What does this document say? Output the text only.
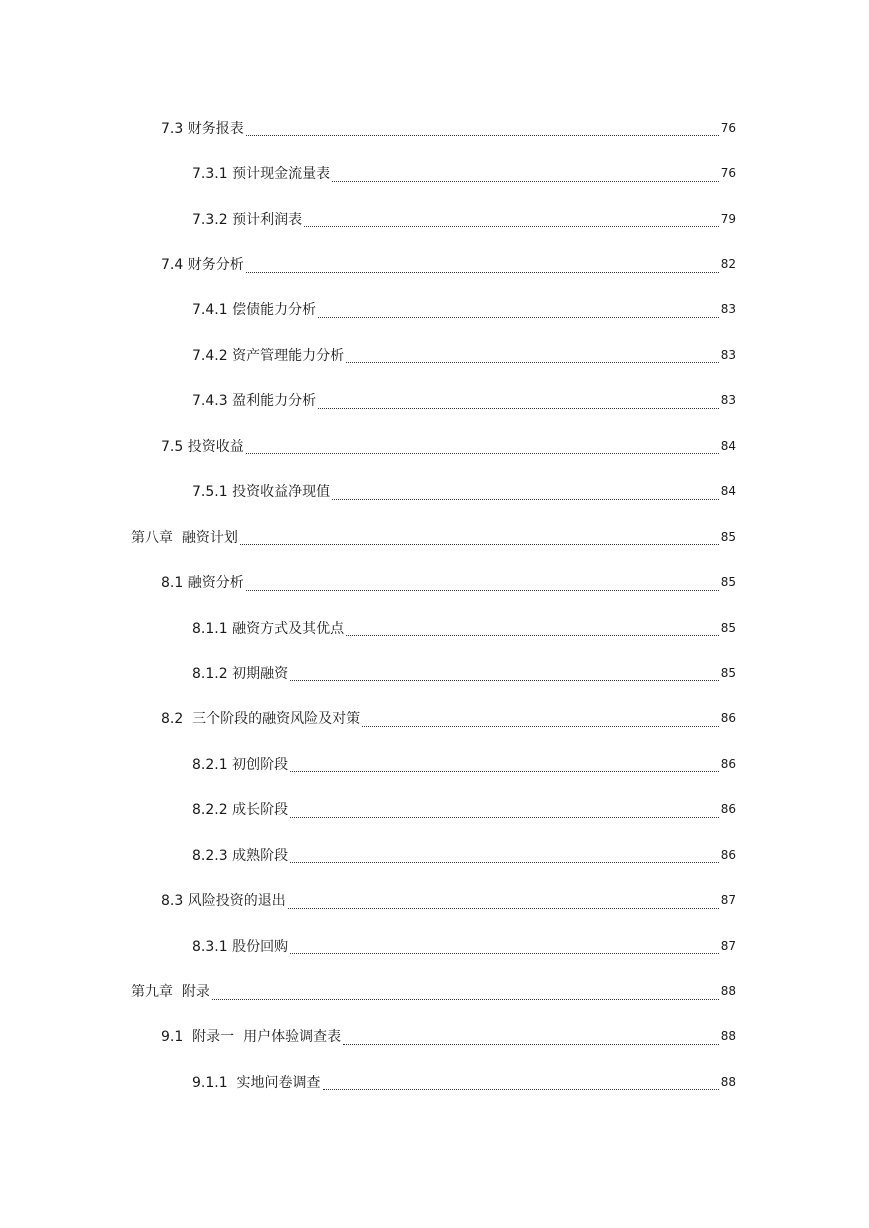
7.3 财务报表	76
7.3.1 预计现金流量表	76
7.3.2 预计利润表	79
7.4 财务分析	82
7.4.1 偿债能力分析	83
7.4.2 资产管理能力分析	83
7.4.3 盈利能力分析	83
7.5 投资收益	84
7.5.1 投资收益净现值	84
第八章  融资计划	85
8.1 融资分析	85
8.1.1 融资方式及其优点	85
8.1.2 初期融资	85
8.2  三个阶段的融资风险及对策	86
8.2.1 初创阶段	86
8.2.2 成长阶段	86
8.2.3 成熟阶段	86
8.3 风险投资的退出	87
8.3.1 股份回购	87
第九章  附录	88
9.1  附录一  用户体验调查表	88
9.1.1  实地问卷调查	88
